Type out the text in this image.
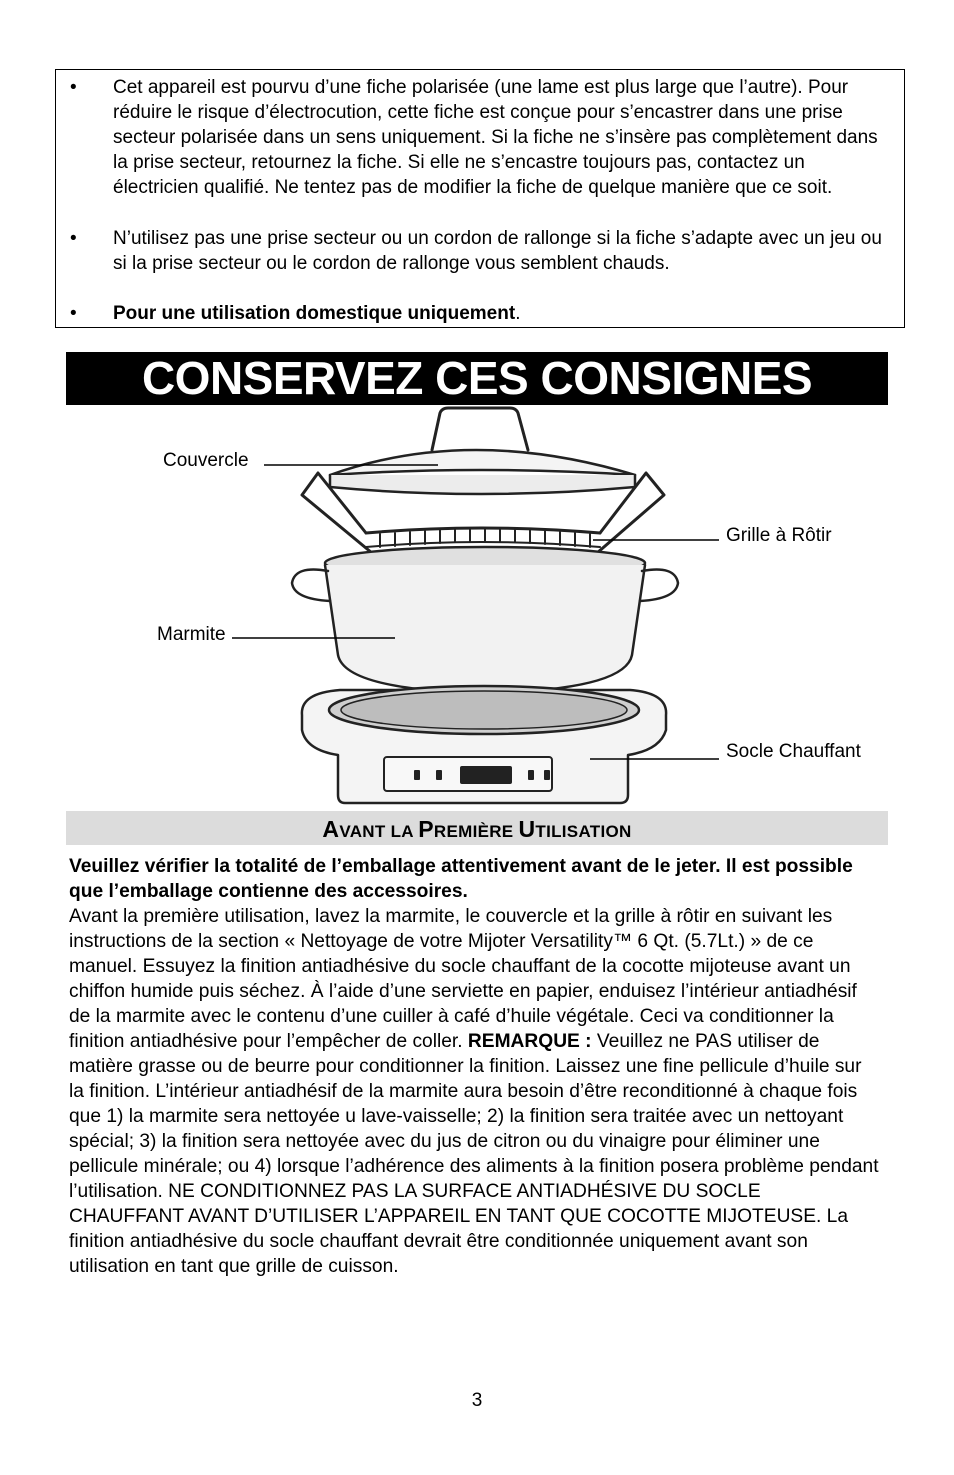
• Cet appareil est pourvu d’une fiche polarisée (une lame est plus large que l’autre). Pour réduire le risque d’électrocution, cette fiche est conçue pour s’encastrer dans une prise secteur polarisée dans un sens uniquement. Si la fiche ne s’insère pas complètement dans la prise secteur, retournez la fiche. Si elle ne s’encastre toujours pas, contactez un électricien qualifié. Ne tentez pas de modifier la fiche de quelque manière que ce soit.
• N’utilisez pas une prise secteur ou un cordon de rallonge si la fiche s’adapte avec un jeu ou si la prise secteur ou le cordon de rallonge vous semblent chauds.
• Pour une utilisation domestique uniquement.
CONSERVEZ CES CONSIGNES
Couvercle
Grille à Rôtir
Marmite
Socle Chauffant
AVANT LA PREMIÈRE UTILISATION
Veuillez vérifier la totalité de l’emballage attentivement avant de le jeter. Il est possible que l’emballage contienne des accessoires.
Avant la première utilisation, lavez la marmite, le couvercle et la grille à rôtir en suivant les instructions de la section « Nettoyage de votre Mijoter Versatility™ 6 Qt. (5.7Lt.) » de ce manuel. Essuyez la finition antiadhésive du socle chauffant de la cocotte mijoteuse avant un chiffon humide puis séchez. À l’aide d’une serviette en papier, enduisez l’intérieur antiadhésif de la marmite avec le contenu d’une cuiller à café d’huile végétale. Ceci va conditionner la finition antiadhésive pour l’empêcher de coller. REMARQUE : Veuillez ne PAS utiliser de matière grasse ou de beurre pour conditionner la finition. Laissez une fine pellicule d’huile sur la finition. L’intérieur antiadhésif de la marmite aura besoin d’être reconditionné à chaque fois que 1) la marmite sera nettoyée u lave-vaisselle; 2) la finition sera traitée avec un nettoyant spécial; 3) la finition sera nettoyée avec du jus de citron ou du vinaigre pour éliminer une pellicule minérale; ou 4) lorsque l’adhérence des aliments à la finition posera problème pendant l’utilisation. NE CONDITIONNEZ PAS LA SURFACE ANTIADHÉSIVE DU SOCLE CHAUFFANT AVANT D’UTILISER L’APPAREIL EN TANT QUE COCOTTE MIJOTEUSE. La finition antiadhésive du socle chauffant devrait être conditionnée uniquement avant son utilisation en tant que grille de cuisson.
3
